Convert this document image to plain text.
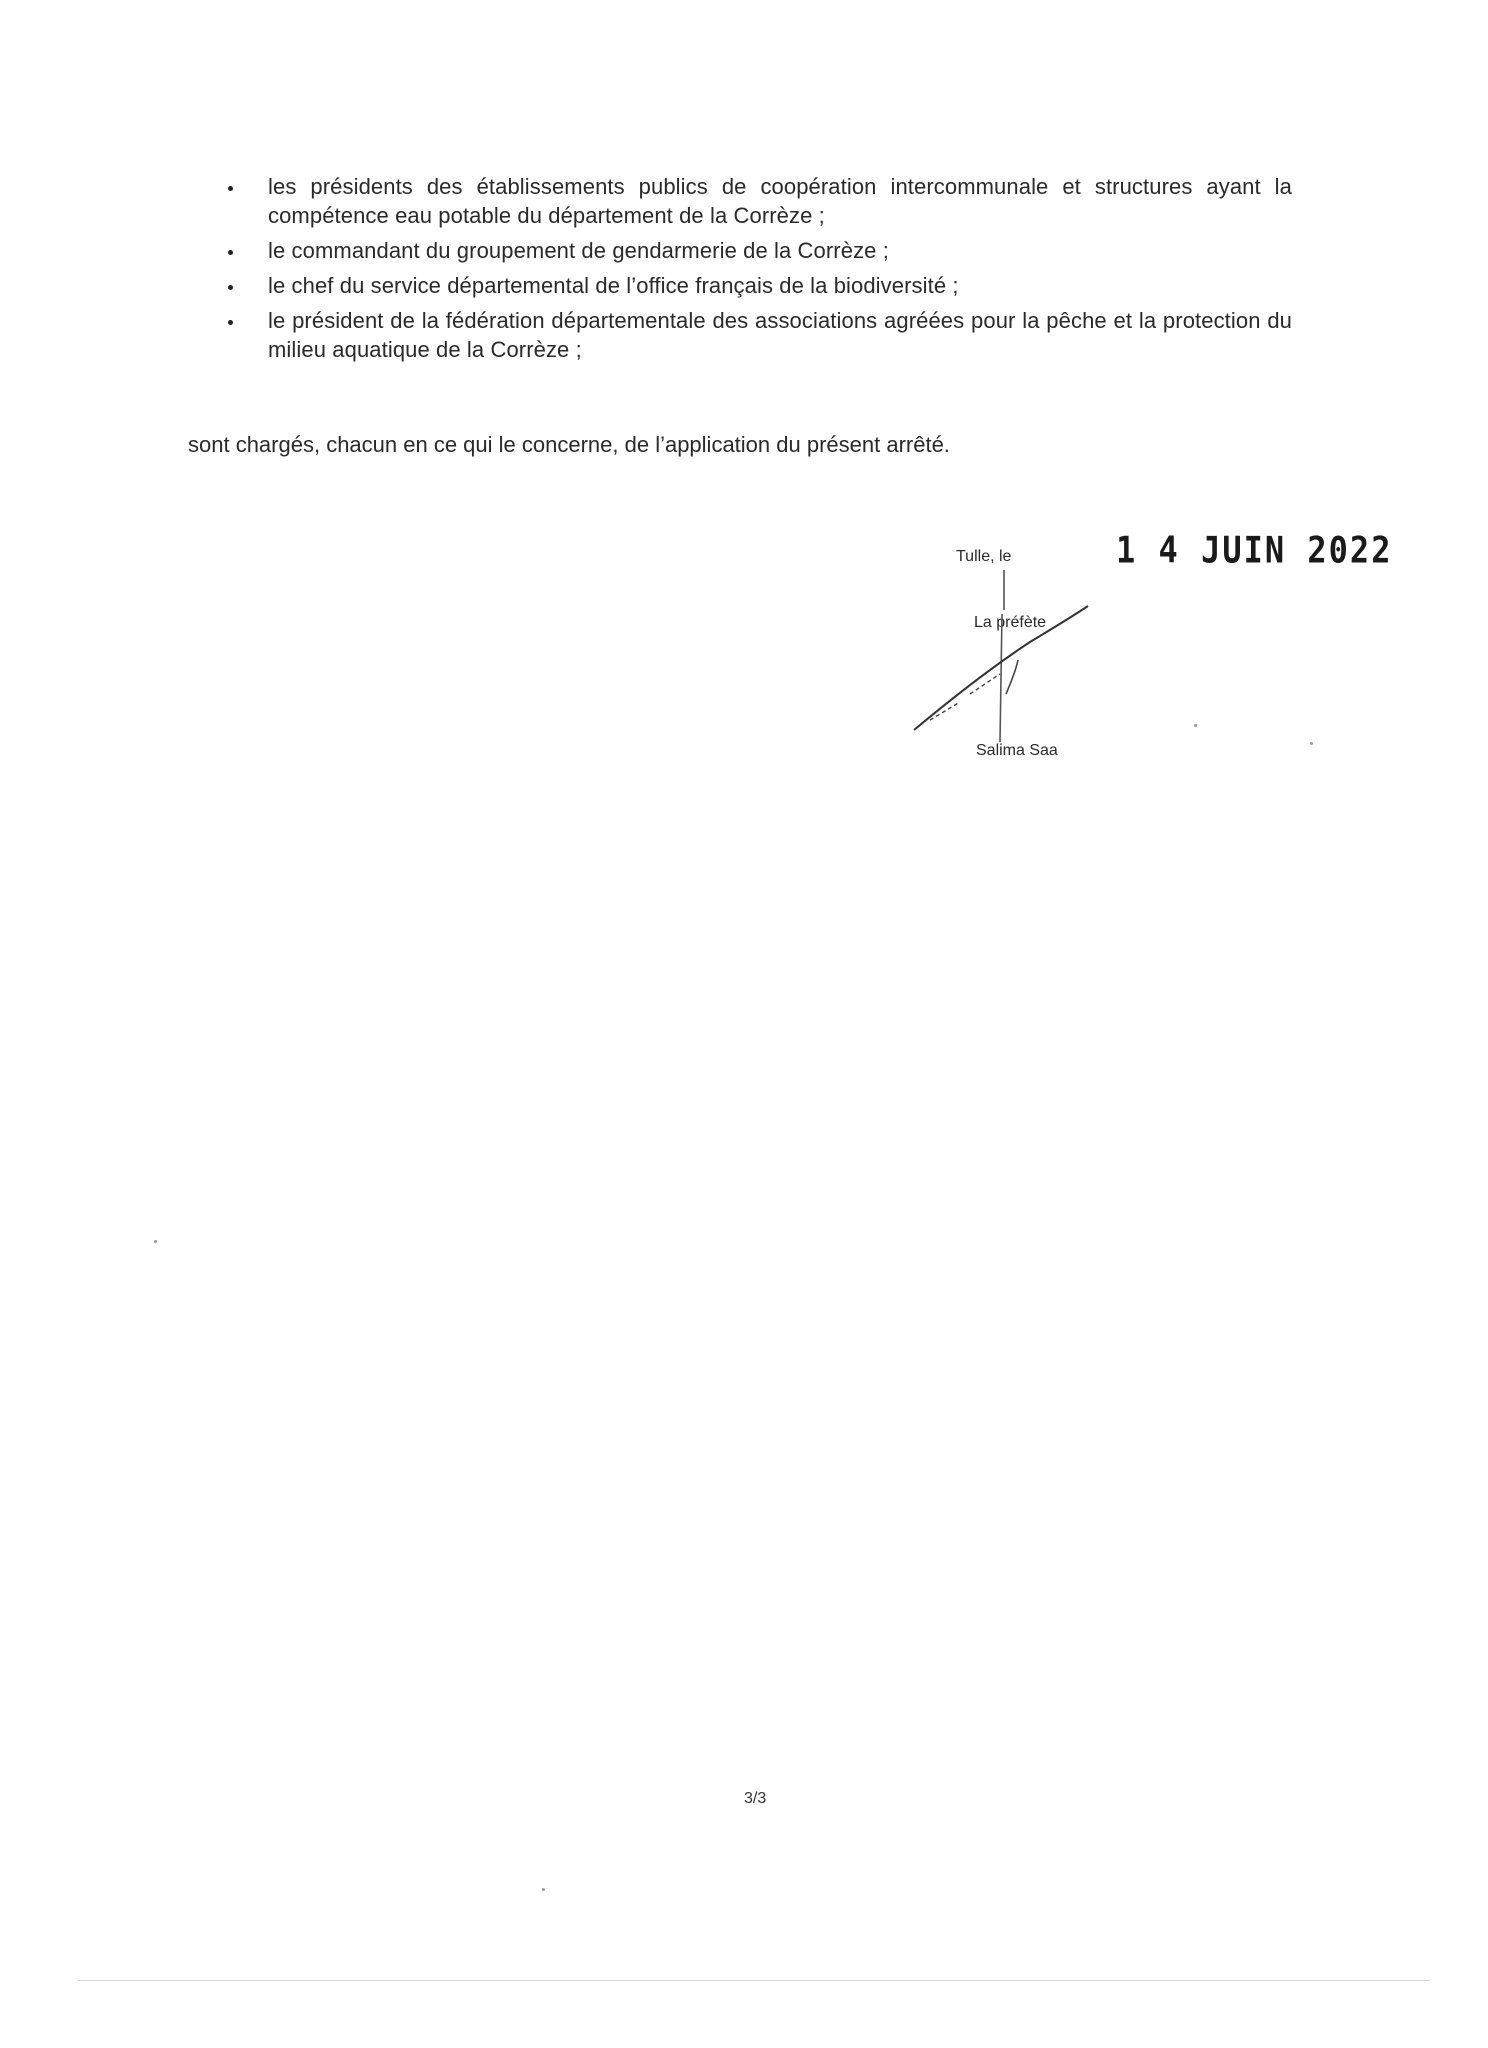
les présidents des établissements publics de coopération intercommunale et structures ayant la compétence eau potable du département de la Corrèze ;
le commandant du groupement de gendarmerie de la Corrèze ;
le chef du service départemental de l’office français de la biodiversité ;
le président de la fédération départementale des associations agréées pour la pêche et la protection du milieu aquatique de la Corrèze ;

sont chargés, chacun en ce qui le concerne, de l’application du présent arrêté.

Tulle, le	1 4 JUIN 2022

La préfète

Salima Saa

3/3
